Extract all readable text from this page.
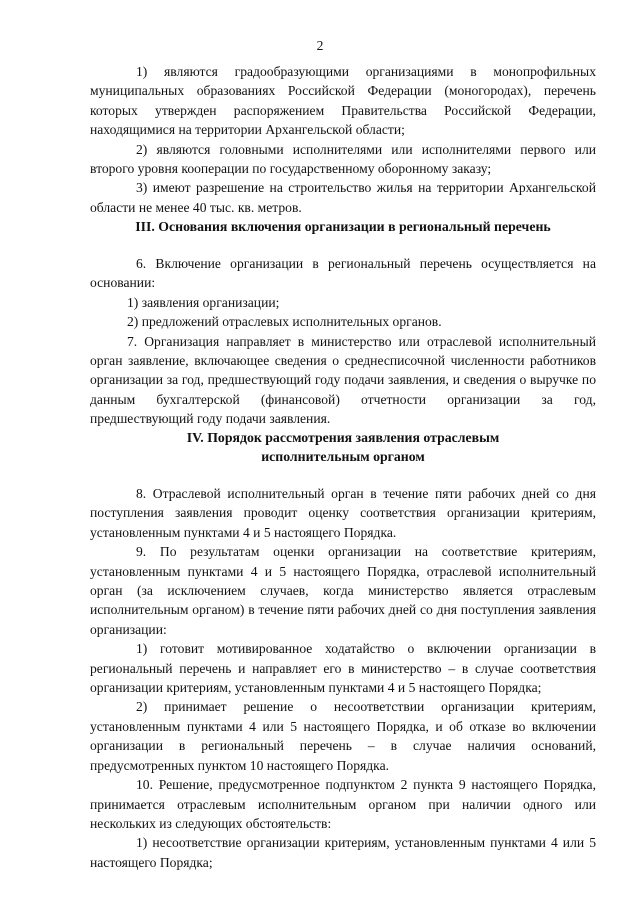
2

1) являются градообразующими организациями в монопрофильных муниципальных образованиях Российской Федерации (моногородах), перечень которых утвержден распоряжением Правительства Российской Федерации, находящимися на территории Архангельской области;

2) являются головными исполнителями или исполнителями первого или второго уровня кооперации по государственному оборонному заказу;

3) имеют разрешение на строительство жилья на территории Архангельской области не менее 40 тыс. кв. метров.

III. Основания включения организации в региональный перечень

6. Включение организации в региональный перечень осуществляется на основании:

1) заявления организации;

2) предложений отраслевых исполнительных органов.

7. Организация направляет в министерство или отраслевой исполнительный орган заявление, включающее сведения о среднесписочной численности работников организации за год, предшествующий году подачи заявления, и сведения о выручке по данным бухгалтерской (финансовой) отчетности организации за год, предшествующий году подачи заявления.

IV. Порядок рассмотрения заявления отраслевым

исполнительным органом

8. Отраслевой исполнительный орган в течение пяти рабочих дней со дня поступления заявления проводит оценку соответствия организации критериям, установленным пунктами 4 и 5 настоящего Порядка.

9. По результатам оценки организации на соответствие критериям, установленным пунктами 4 и 5 настоящего Порядка, отраслевой исполнительный орган (за исключением случаев, когда министерство является отраслевым исполнительным органом) в течение пяти рабочих дней со дня поступления заявления организации:

1) готовит мотивированное ходатайство о включении организации в региональный перечень и направляет его в министерство – в случае соответствия организации критериям, установленным пунктами 4 и 5 настоящего Порядка;

2) принимает решение о несоответствии организации критериям, установленным пунктами 4 или 5 настоящего Порядка, и об отказе во включении организации в региональный перечень – в случае наличия оснований, предусмотренных пунктом 10 настоящего Порядка.

10. Решение, предусмотренное подпунктом 2 пункта 9 настоящего Порядка, принимается отраслевым исполнительным органом при наличии одного или нескольких из следующих обстоятельств:

1) несоответствие организации критериям, установленным пунктами 4 или 5 настоящего Порядка;
